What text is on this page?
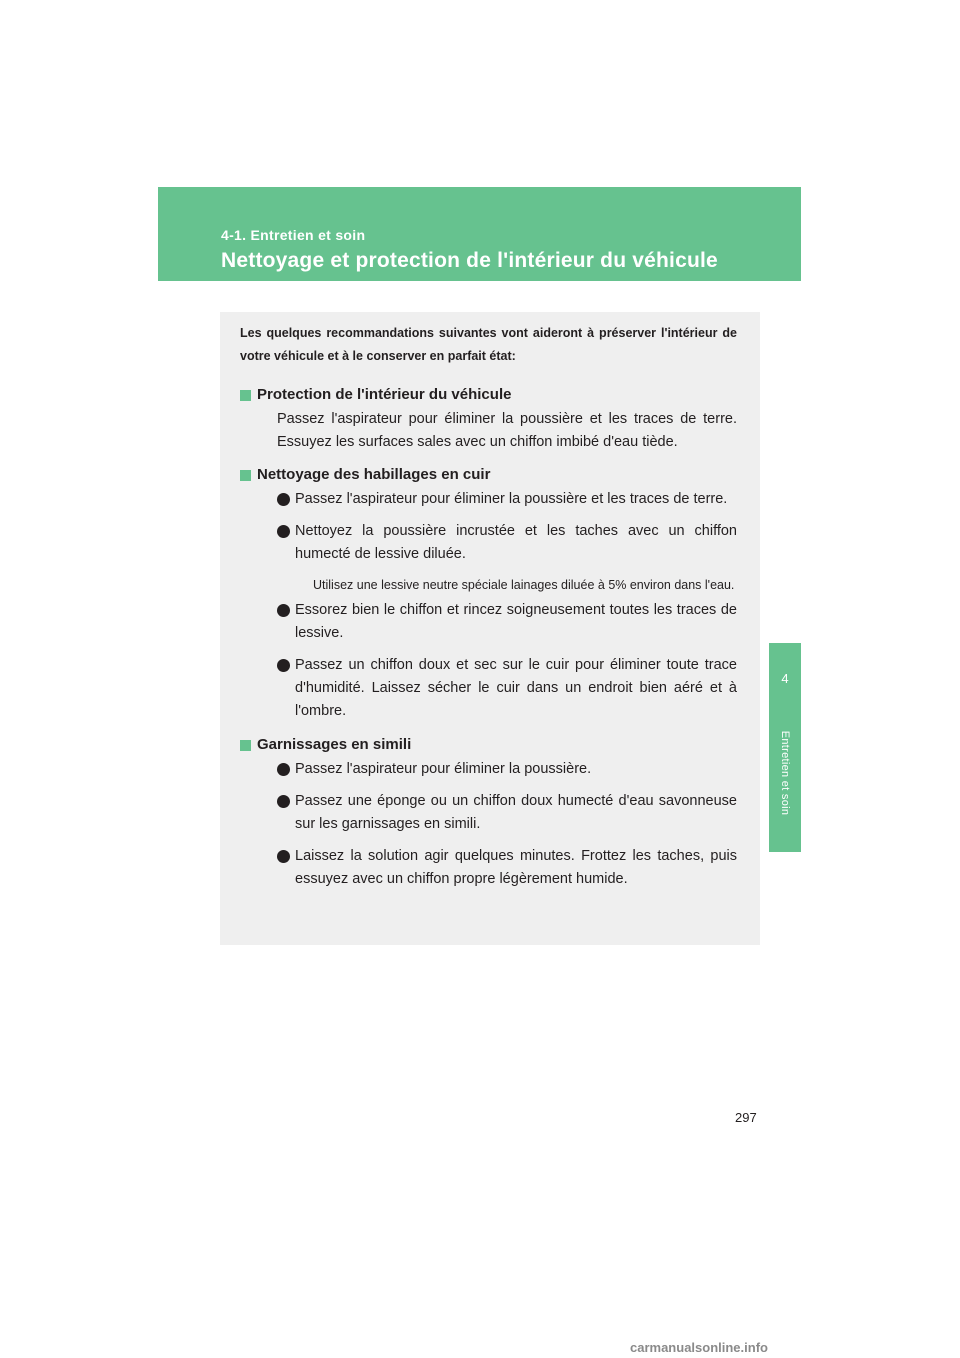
4-1. Entretien et soin
Nettoyage et protection de l'intérieur du véhicule
4
Entretien et soin

Les quelques recommandations suivantes vont aideront à préserver l'intérieur de votre véhicule et à le conserver en parfait état:

Protection de l'intérieur du véhicule

Passez l'aspirateur pour éliminer la poussière et les traces de terre. Essuyez les surfaces sales avec un chiffon imbibé d'eau tiède.

Nettoyage des habillages en cuir
Passez l'aspirateur pour éliminer la poussière et les traces de terre.
Nettoyez la poussière incrustée et les taches avec un chiffon humecté de lessive diluée.

Utilisez une lessive neutre spéciale lainages diluée à 5% environ dans l'eau.

Essorez bien le chiffon et rincez soigneusement toutes les traces de lessive.
Passez un chiffon doux et sec sur le cuir pour éliminer toute trace d'humidité. Laissez sécher le cuir dans un endroit bien aéré et à l'ombre.
Garnissages en simili
Passez l'aspirateur pour éliminer la poussière.
Passez une éponge ou un chiffon doux humecté d'eau savonneuse sur les garnissages en simili.
Laissez la solution agir quelques minutes. Frottez les taches, puis essuyez avec un chiffon propre légèrement humide.
297
carmanualsonline.info
